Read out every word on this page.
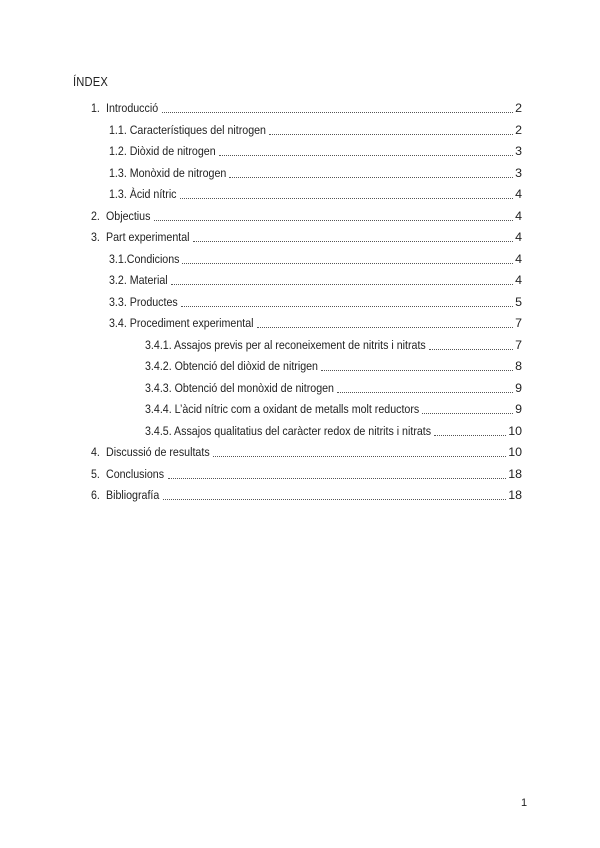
ÍNDEX
1. Introducció	2
1.1. Característiques del nitrogen	2
1.2. Diòxid de nitrogen	3
1.3. Monòxid de nitrogen	3
1.3. Àcid nítric	4
2. Objectius	4
3. Part experimental	4
3.1.Condicions	4
3.2. Material	4
3.3. Productes	5
3.4. Procediment experimental	7
3.4.1. Assajos previs per al reconeixement de nitrits i nitrats	7
3.4.2. Obtenció del diòxid de nitrigen	8
3.4.3. Obtenció del monòxid de nitrogen	9
3.4.4. L’àcid nítric com a oxidant de metalls molt reductors	9
3.4.5. Assajos qualitatius del caràcter redox de nitrits i nitrats	10
4. Discussió de resultats	10
5. Conclusions	18
6. Bibliografía	18
1
